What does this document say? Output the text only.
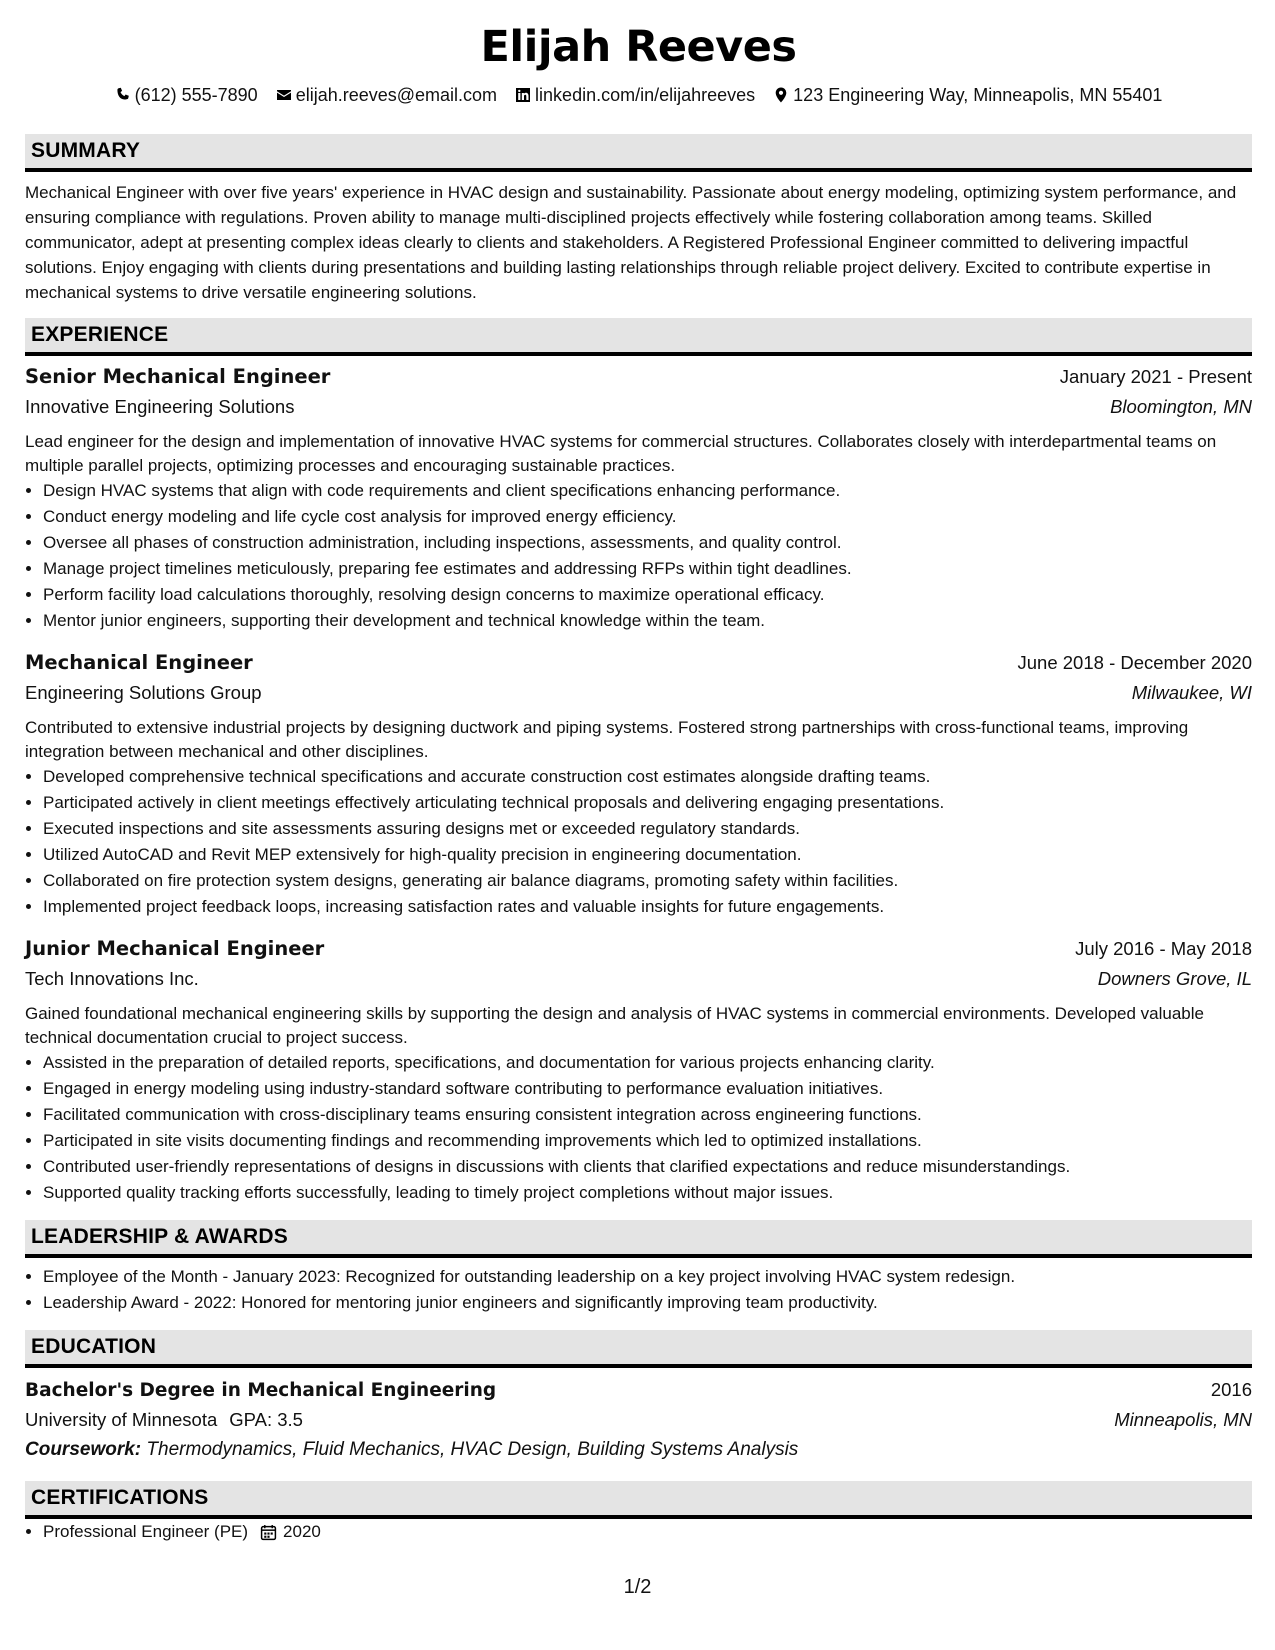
Elijah Reeves
(612) 555-7890 elijah.reeves@email.com linkedin.com/in/elijahreeves 123 Engineering Way, Minneapolis, MN 55401
SUMMARY

Mechanical Engineer with over five years' experience in HVAC design and sustainability. Passionate about energy modeling, optimizing system performance, and ensuring compliance with regulations. Proven ability to manage multi-disciplined projects effectively while fostering collaboration among teams. Skilled communicator, adept at presenting complex ideas clearly to clients and stakeholders. A Registered Professional Engineer committed to delivering impactful solutions. Enjoy engaging with clients during presentations and building lasting relationships through reliable project delivery. Excited to contribute expertise in mechanical systems to drive versatile engineering solutions.

EXPERIENCE
Senior Mechanical Engineer	January 2021 - Present
Innovative Engineering Solutions	Bloomington, MN

Lead engineer for the design and implementation of innovative HVAC systems for commercial structures. Collaborates closely with interdepartmental teams on multiple parallel projects, optimizing processes and encouraging sustainable practices.

• Design HVAC systems that align with code requirements and client specifications enhancing performance.
• Conduct energy modeling and life cycle cost analysis for improved energy efficiency.
• Oversee all phases of construction administration, including inspections, assessments, and quality control.
• Manage project timelines meticulously, preparing fee estimates and addressing RFPs within tight deadlines.
• Perform facility load calculations thoroughly, resolving design concerns to maximize operational efficacy.
• Mentor junior engineers, supporting their development and technical knowledge within the team.
Mechanical Engineer	June 2018 - December 2020
Engineering Solutions Group	Milwaukee, WI

Contributed to extensive industrial projects by designing ductwork and piping systems. Fostered strong partnerships with cross-functional teams, improving integration between mechanical and other disciplines.

• Developed comprehensive technical specifications and accurate construction cost estimates alongside drafting teams.
• Participated actively in client meetings effectively articulating technical proposals and delivering engaging presentations.
• Executed inspections and site assessments assuring designs met or exceeded regulatory standards.
• Utilized AutoCAD and Revit MEP extensively for high-quality precision in engineering documentation.
• Collaborated on fire protection system designs, generating air balance diagrams, promoting safety within facilities.
• Implemented project feedback loops, increasing satisfaction rates and valuable insights for future engagements.
Junior Mechanical Engineer	July 2016 - May 2018
Tech Innovations Inc.	Downers Grove, IL

Gained foundational mechanical engineering skills by supporting the design and analysis of HVAC systems in commercial environments. Developed valuable technical documentation crucial to project success.

• Assisted in the preparation of detailed reports, specifications, and documentation for various projects enhancing clarity.
• Engaged in energy modeling using industry-standard software contributing to performance evaluation initiatives.
• Facilitated communication with cross-disciplinary teams ensuring consistent integration across engineering functions.
• Participated in site visits documenting findings and recommending improvements which led to optimized installations.
• Contributed user-friendly representations of designs in discussions with clients that clarified expectations and reduce misunderstandings.
• Supported quality tracking efforts successfully, leading to timely project completions without major issues.
LEADERSHIP & AWARDS
• Employee of the Month - January 2023: Recognized for outstanding leadership on a key project involving HVAC system redesign.
• Leadership Award - 2022: Honored for mentoring junior engineers and significantly improving team productivity.
EDUCATION
Bachelor's Degree in Mechanical Engineering	2016
University of Minnesota GPA: 3.5	Minneapolis, MN
Coursework: Thermodynamics, Fluid Mechanics, HVAC Design, Building Systems Analysis
CERTIFICATIONS
• Professional Engineer (PE) 2020
1/2
